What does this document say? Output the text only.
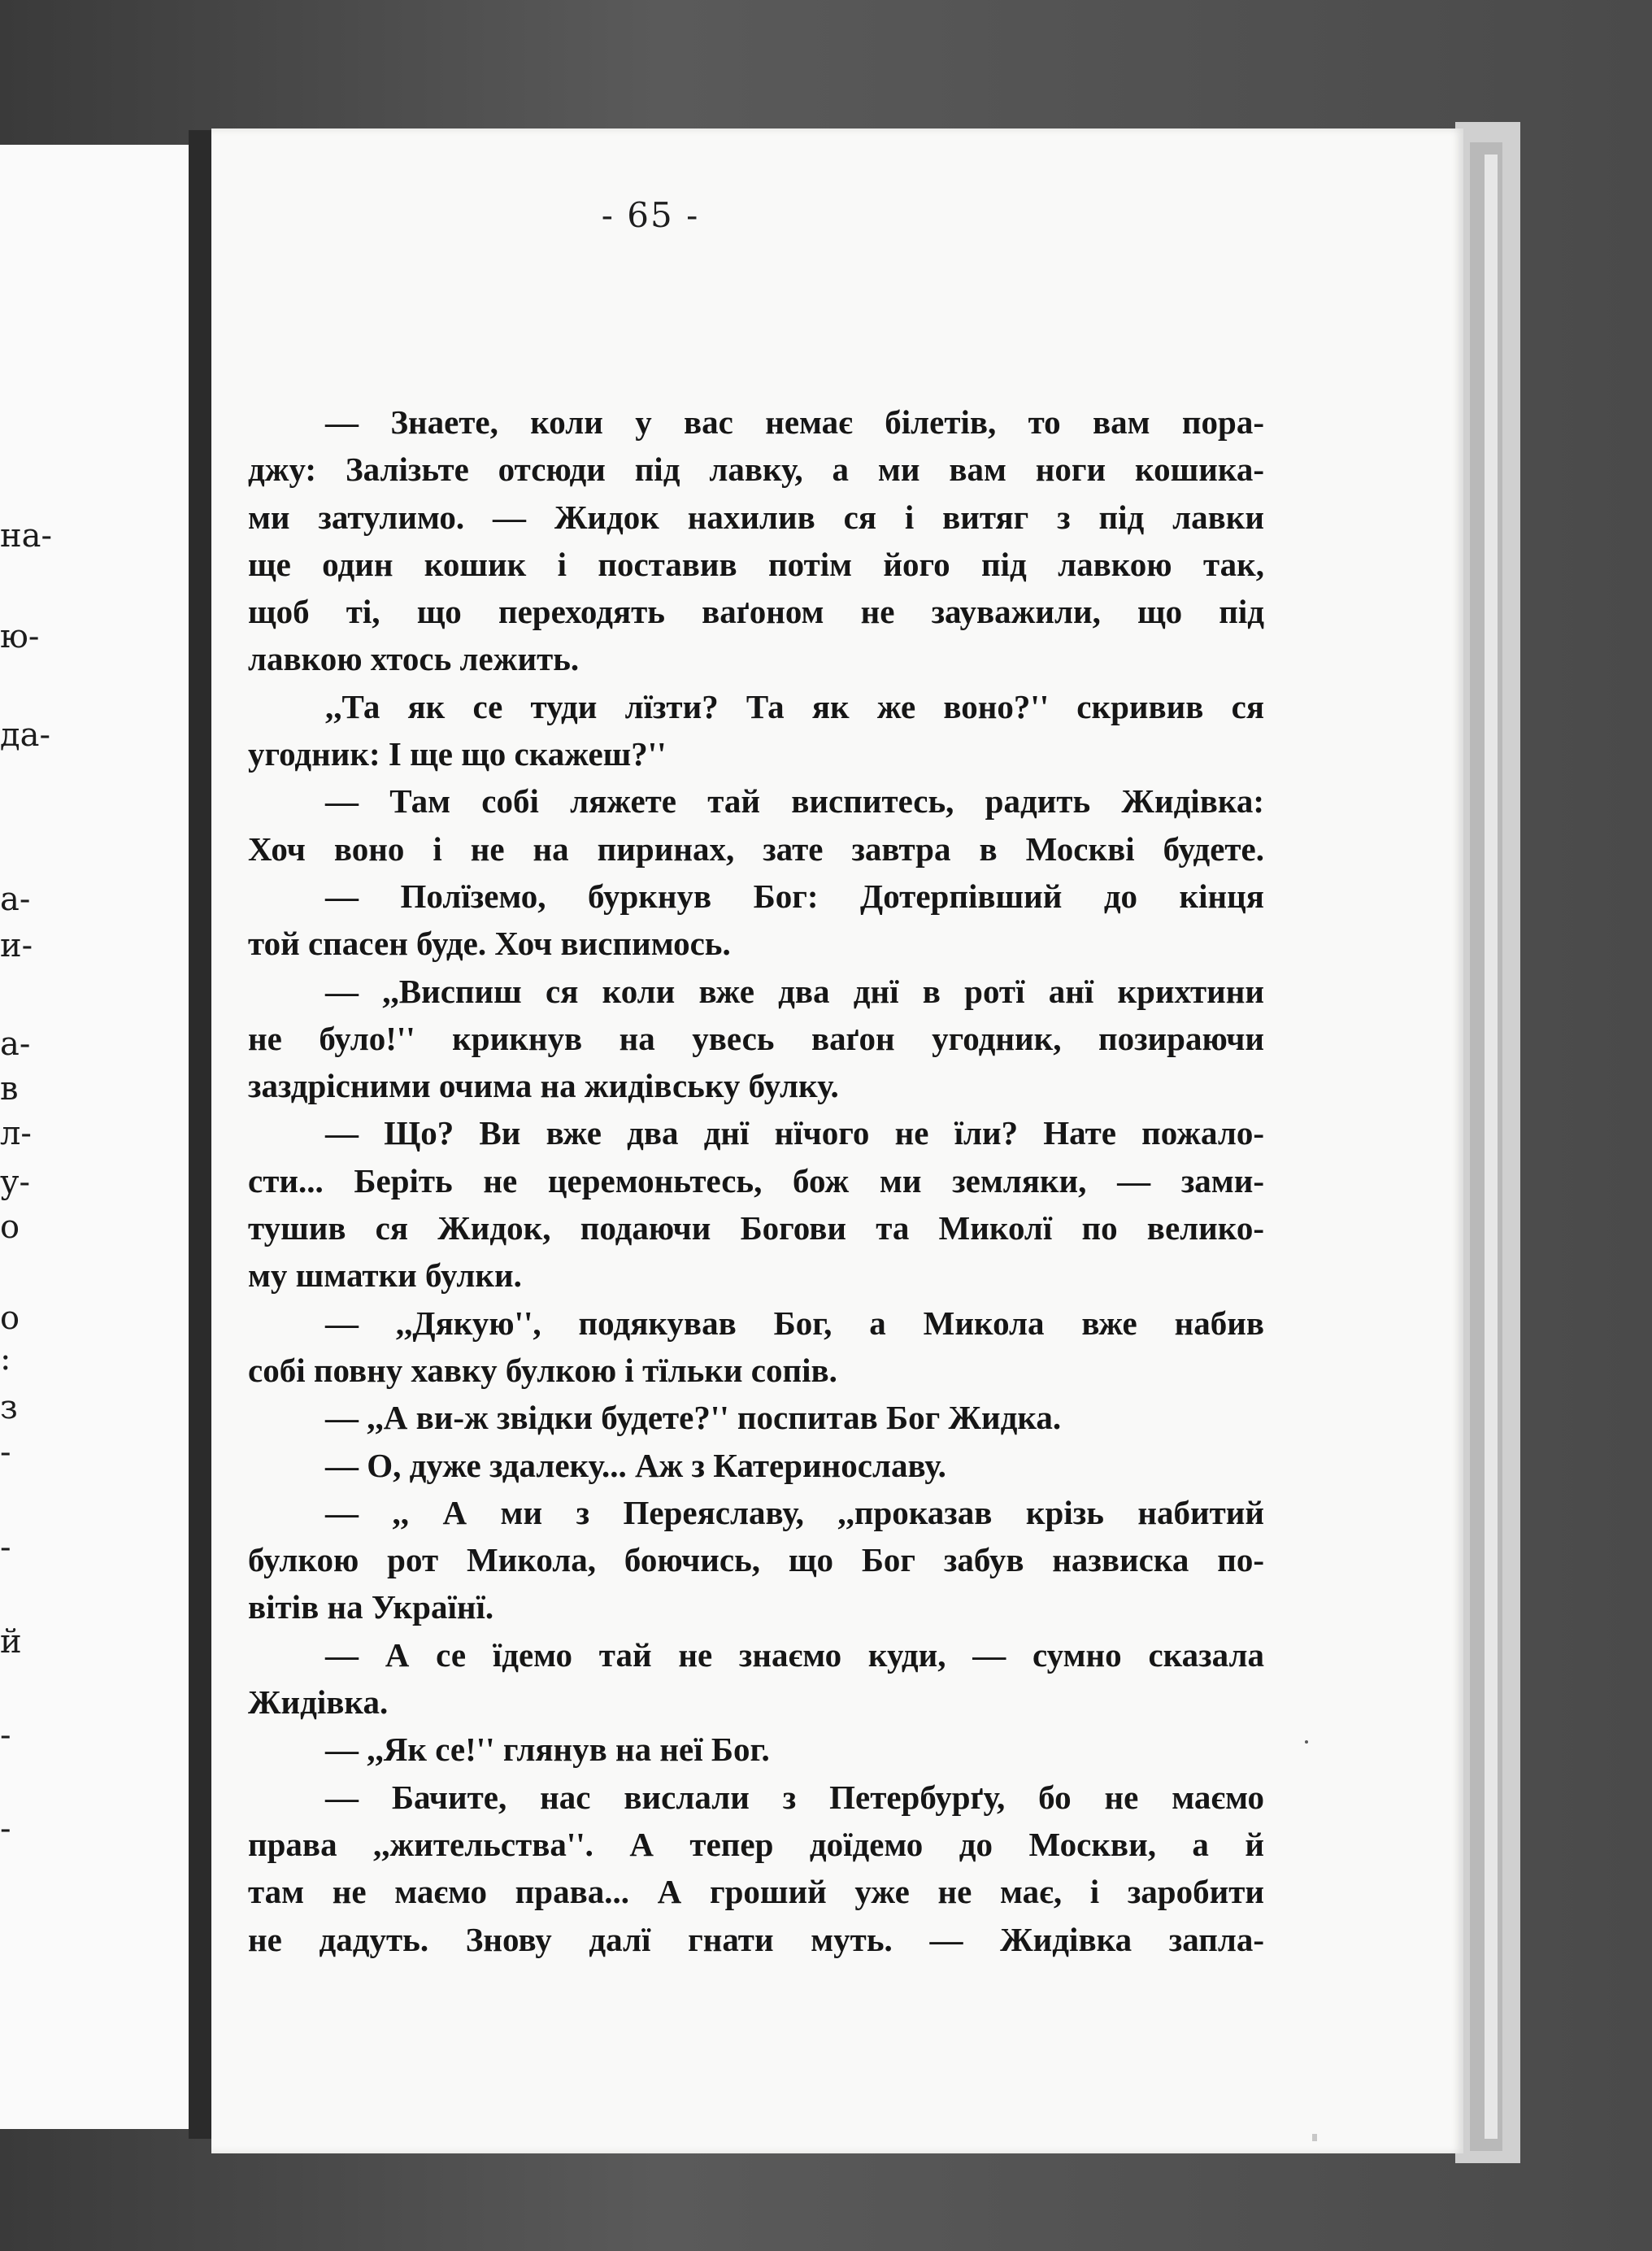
на-
ю-
да-
а-
и-
а-
в
л-
у-
о
о
:
з
-
-
й
-
-
- 65 -
— Знаете, коли у вас немає білетів, то вам пора-
джу: Залізьте отсюди під лавку, а ми вам ноги кошика-
ми затулимо. — Жидок нахилив ся і витяг з під лавки
ще один кошик і поставив потім його під лавкою так,
щоб ті, що переходять ваґоном не зауважили, що під
лавкою хтось лежить.
,,Та як се туди лїзти? Та як же воно?'' скривив ся
угодник: І ще що скажеш?''
— Там собі ляжете тай виспитесь, радить Жидівка:
Хоч воно і не на пиринах, зате завтра в Москві будете.
— Полїземо, буркнув Бог: Дотерпівший до кінця
той спасен буде. Хоч виспимось.
— ,,Виспиш ся коли вже два днї в ротї анї крихтини
не було!'' крикнув на увесь ваґон угодник, позираючи
заздрісними очима на жидівську булку.
— Що? Ви вже два днї нїчого не їли? Нате пожало-
сти... Беріть не церемоньтесь, бож ми земляки, — зами-
тушив ся Жидок, подаючи Богови та Миколї по велико-
му шматки булки.
— ,,Дякую'', подякував Бог, а Микола вже набив
собі повну хавку булкою і тїльки сопів.
— ,,А ви-ж звідки будете?'' поспитав Бог Жидка.
— О, дуже здалеку... Аж з Катеринославу.
— ,, А ми з Переяславу, ,,проказав крізь набитий
булкою рот Микола, боючись, що Бог забув назвиска по-
вітів на Українї.
— А се їдемо тай не знаємо куди, — сумно сказала
Жидівка.
— ,,Як се!'' глянув на неї Бог.
— Бачите, нас вислали з Петербурґу, бо не маємо
права ,,жительства''. А тепер доїдемо до Москви, а й
там не маємо права... А гроший уже не має, і заробити
не дадуть. Знову далї гнати муть. — Жидівка запла-
